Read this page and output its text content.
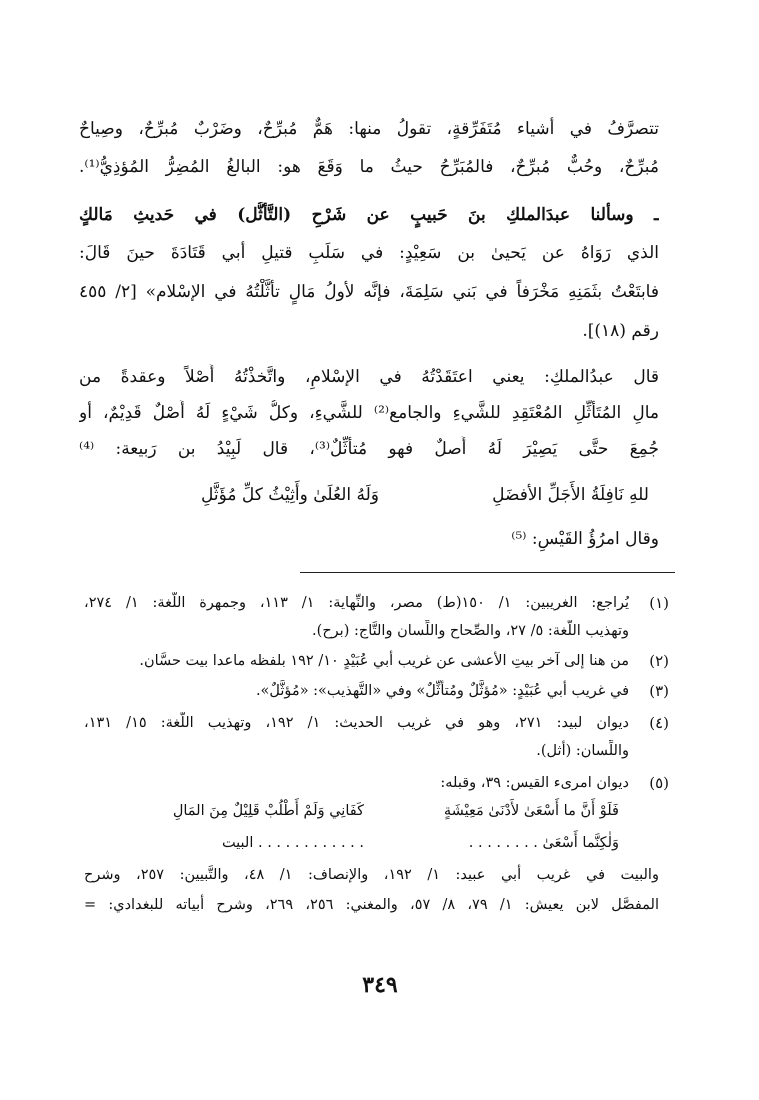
تتصرَّفُ في أشياء مُتَفَرِّقةٍ، تقولُ منها: هَمٌّ مُبرِّحٌ، وضَرْبٌ مُبرِّحٌ، وصِياحٌ
مُبرِّحٌ، وحُبٌّ مُبرِّحٌ، فالمُبَرِّحُ حيثُ ما وَقَعَ هو: البالغُ المُضِرُّ المُؤذِيُّ⁽¹⁾.
ـ وسألنا عبدَالملكِ بنَ حَبيبٍ عن شَرْحِ (التَّأثُّل) في حَديثِ مَالكٍ
الذي رَوَاهُ عن يَحيىٰ بن سَعِيْدٍ: في سَلَبِ قتيلِ أبي قَتَادَةَ حينَ قَالَ:
فابتَعْتُ بثَمَنِهِ مَخْرَفاً في بَني سَلِمَةَ، فإنَّه لأولُ مَالٍ تأثَّلْتُهُ في الإسْلام» [٢/ ٤٥٥
رقم (١٨)].
قال عبدُالملكِ: يعني اعتَقَدْتُهُ في الإسْلامِ، واتَّخذْتُهُ أَصْلاً وعقدةً من
مالِ المُتَأثِّلِ المُعْتَقِدِ للشَّيءِ والجامع⁽²⁾ للشَّيءِ، وكلُّ شَيْءٍ لَهُ أَصْلٌ قَدِيْمٌ، أو
جُمِعَ حتَّى يَصِيْرَ لَهُ أَصلٌ فهو مُتأثِّلٌ⁽³⁾، قال لَبِيْدُ بن رَبيعة: ⁽⁴⁾
للهِ نَافِلَةُ الأَجَلِّ الأفضَلِ
وَلَهُ العُلَىٰ وأَثِيْثُ كلِّ مُؤَثَّلِ
وقال امرُؤُ القَيْسِ: ⁽⁵⁾
(١)
يُراجع: الغريبين: ١/ ١٥٠(ط) مصر، والنِّهاية: ١/ ١١٣، وجمهرة اللُّغة: ١/ ٢٧٤،
وتهذيب اللُّغة: ٥/ ٢٧، والصِّحاح واللِّسان والتَّاج: (برح).
(٢)
من هنا إلى آخر بيتِ الأعشى عن غريب أبي عُبَيْدٍ ١٠/ ١٩٢ بلفظه ماعدا بيت حسَّان.
(٣)
في غريب أبي عُبَيْدٍ: «مُؤثَّلٌ ومُتأثِّلٌ» وفي «التَّهذيب»: «مُؤثَّلٌ».
(٤)
ديوان لبيد: ٢٧١، وهو في غريب الحديث: ١/ ١٩٢، وتهذيب اللُّغة: ١٥/ ١٣١،
واللِّسان: (أثل).
(٥)
ديوان امرىء القيس: ٣٩، وقبله:
فَلَوْ أَنَّ ما أَسْعَىٰ لأَدْنَىٰ مَعِيْشَةٍ
كَفَانِي وَلَمْ أَطْلُبْ قَلِيْلٌ مِنَ المَالِ
وَلٰكِنَّما أَسْعَىٰ . . . . . . . .
. . . . . . . . . . . . البيت
والبيت في غريب أبي عبيد: ١/ ١٩٢، والإنصاف: ١/ ٤٨، والتَّبيين: ٢٥٧، وشرح
المفصَّل لابن يعيش: ١/ ٧٩، ٨/ ٥٧، والمغني: ٢٥٦، ٢٦٩، وشرح أبياته للبغدادي: =
٣٤٩
